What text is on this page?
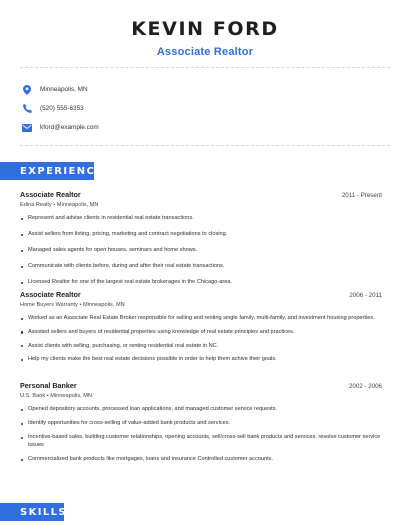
KEVIN FORD
Associate Realtor
Minneapolis, MN
(520) 555-6353
kford@example.com
EXPERIENCE
Associate Realtor	2011 - Present
Edina Realty • Minneapolis, MN
Represent and advise clients in residential real estate transactions.
Assist sellers from listing, pricing, marketing and contract negotiations to closing.
Managed sales agents for open houses, seminars and home shows.
Communicate with clients before, during and after their real estate transactions.
Licensed Realtor for one of the largest real estate brokerages in the Chicago-area.
Associate Realtor	2006 - 2011
Home Buyers Warranty • Minneapolis, MN
Worked as an Associate Real Estate Broker responsible for selling and renting single family, multi-family, and investment housing properties.
Assisted sellers and buyers of residential properties using knowledge of real estate principles and practices.
Assist clients with selling, purchasing, or renting residential real estate in NC.
Help my clients make the best real estate decisions possible in order to help them achive their goals.
Personal Banker	2002 - 2006
U.S. Bank • Minneapolis, MN
Opened depository accounts, processed loan applications, and managed customer service requests.
Identify opportunities for cross-selling of value-added bank products and services.
Incentive-based sales, building customer relationships, opening accounts, sell/cross-sell bank products and services, resolve customer service issues
Commercialized bank products like mortgages, loans and insurance Controlled customer accounts.
SKILLS
